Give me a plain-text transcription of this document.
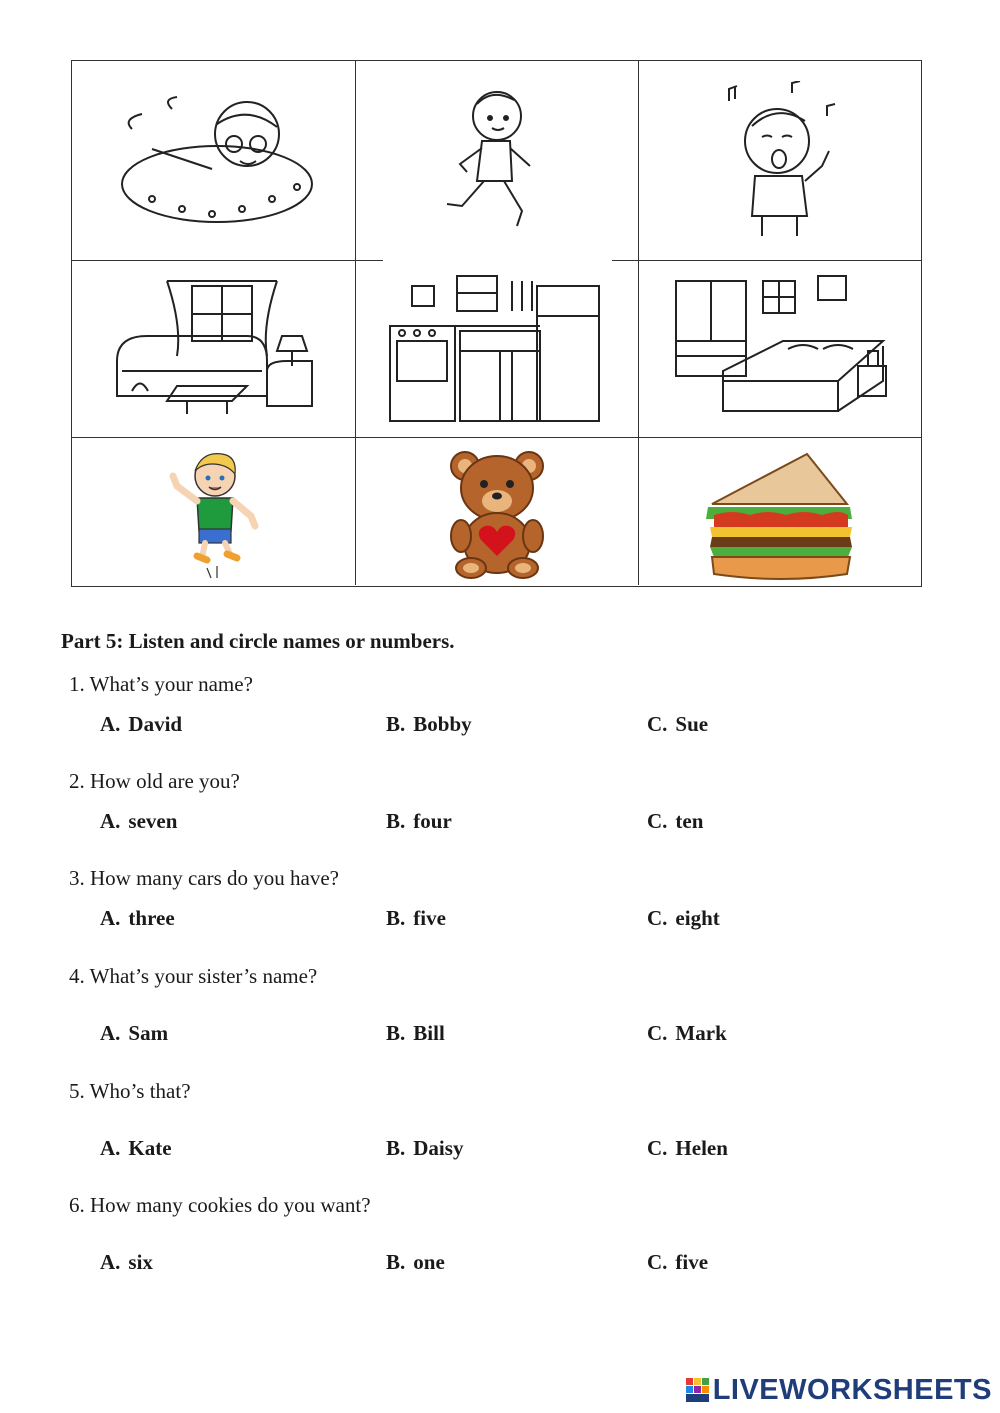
Part 5: Listen and circle names or numbers.
1. What’s your name?
A. David	B. Bobby	C. Sue
2. How old are you?
A. seven	B. four	C. ten
3. How many cars do you have?
A. three	B. five	C. eight
4. What’s your sister’s name?
A. Sam	B. Bill	C. Mark
5. Who’s that?
A. Kate	B. Daisy	C. Helen
6. How many cookies do you want?
A. six	B. one	C. five
LIVEWORKSHEETS
